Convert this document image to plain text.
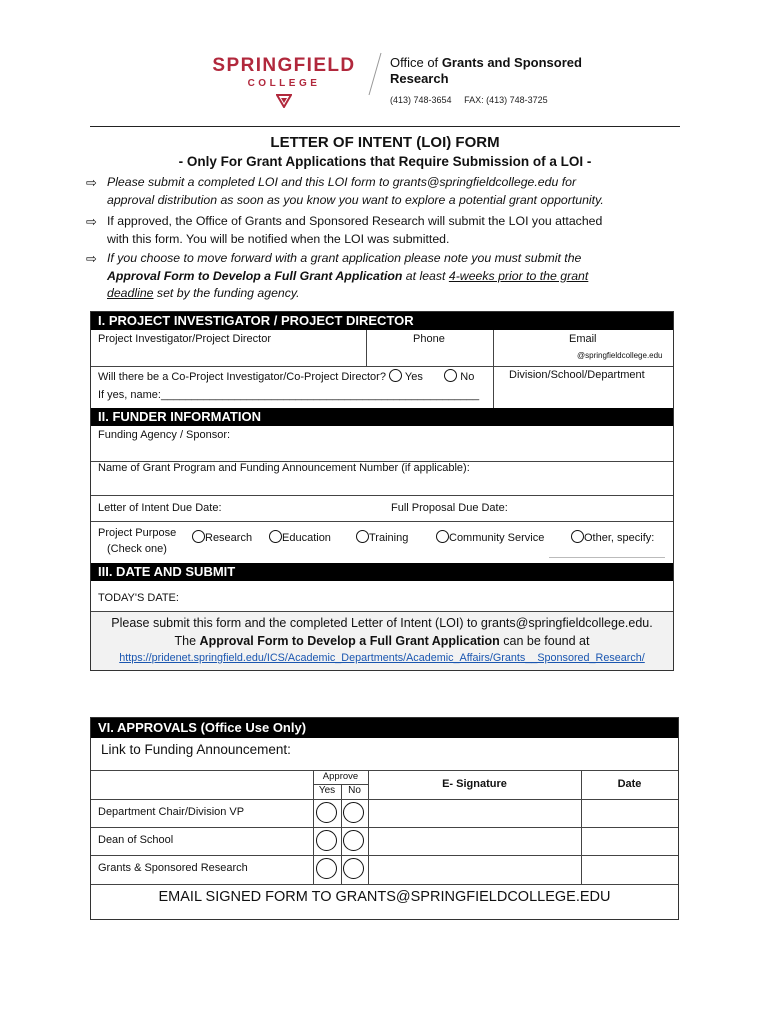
SPRINGFIELD
COLLEGE
Office of Grants and Sponsored
Research
(413) 748-3654 FAX: (413) 748-3725
LETTER OF INTENT (LOI) FORM
- Only For Grant Applications that Require Submission of a LOI -
⇨ Please submit a completed LOI and this LOI form to grants@springfieldcollege.edu for
approval distribution as soon as you know you want to explore a potential grant opportunity.
⇨ If approved, the Office of Grants and Sponsored Research will submit the LOI you attached
with this form. You will be notified when the LOI was submitted.
⇨ If you choose to move forward with a grant application please note you must submit the
Approval Form to Develop a Full Grant Application at least 4-weeks prior to the grant
deadline set by the funding agency.
I. PROJECT INVESTIGATOR / PROJECT DIRECTOR
Project Investigator/Project Director	Phone	Email
@springfieldcollege.edu
Will there be a Co-Project Investigator/Co-Project Director? Yes	No
If yes, name:____________________________________________________
Division/School/Department
II. FUNDER INFORMATION
Funding Agency / Sponsor:
Name of Grant Program and Funding Announcement Number (if applicable):
Letter of Intent Due Date:	Full Proposal Due Date:
Project Purpose
(Check one)
Research	Education	Training	Community Service	Other, specify:
III. DATE AND SUBMIT
TODAY'S DATE:
Please submit this form and the completed Letter of Intent (LOI) to grants@springfieldcollege.edu.
The Approval Form to Develop a Full Grant Application can be found at
https://pridenet.springfield.edu/ICS/Academic_Departments/Academic_Affairs/Grants__Sponsored_Research/
VI. APPROVALS (Office Use Only)
Link to Funding Announcement:
Approve
Yes	No
E- Signature	Date
Department Chair/Division VP
Dean of School
Grants & Sponsored Research
EMAIL SIGNED FORM TO GRANTS@SPRINGFIELDCOLLEGE.EDU
